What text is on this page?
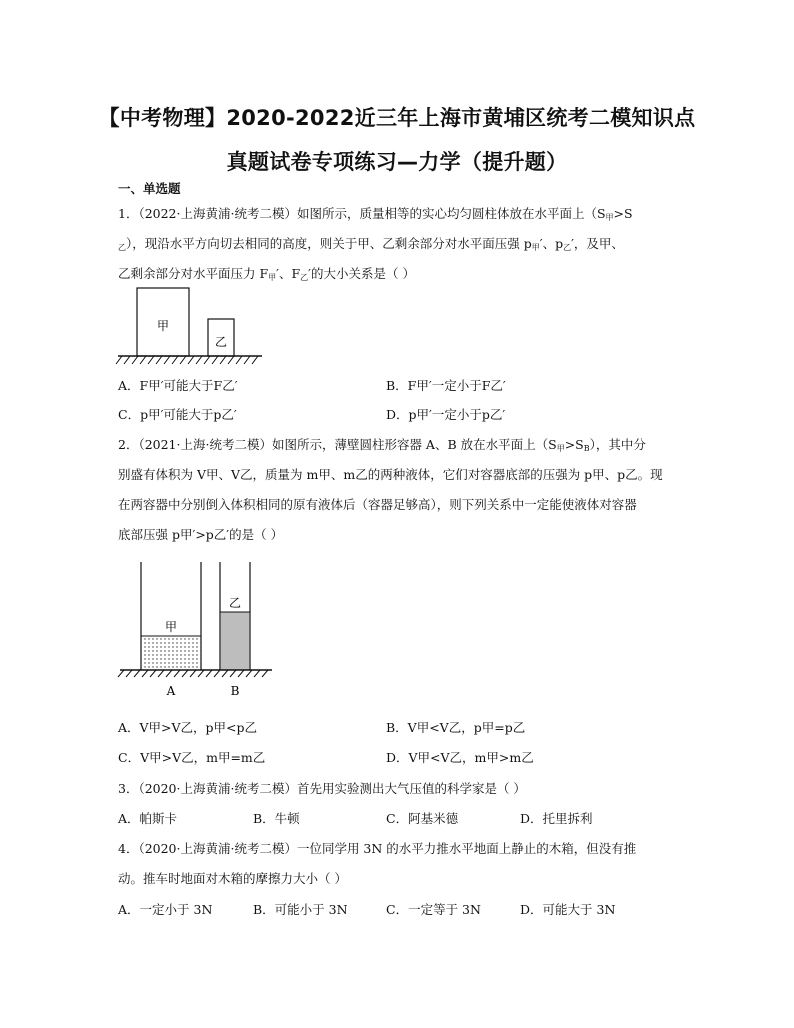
【中考物理】2020-2022近三年上海市黄埔区统考二模知识点
真题试卷专项练习—力学（提升题）
一、单选题
1．（2022·上海黄浦·统考二模）如图所示，质量相等的实心均匀圆柱体放在水平面上（$S_甲>S$
$_乙$），现沿水平方向切去相同的高度，则关于甲、乙剩余部分对水平面压强 $p_甲'$、$p_乙'$，及甲、
乙剩余部分对水平面压力 $F_甲'$、$F_乙'$的大小关系是（ ）
甲
乙
A．F甲′可能大于F乙′	B．F甲′一定小于F乙′
C．p甲′可能大于p乙′	D．p甲′一定小于p乙′
2．（2021·上海·统考二模）如图所示，薄壁圆柱形容器 A、B 放在水平面上$(S_甲>S_B)$，其中分
别盛有体积为 V甲、V乙，质量为 m甲、m乙的两种液体，它们对容器底部的压强为 p甲、p乙。现
在两容器中分别倒入体积相同的原有液体后（容器足够高），则下列关系中一定能使液体对容器
底部压强 p甲′>p乙′的是（ ）
甲
乙
A	B
A．V甲>V乙，p甲<p乙	B．V甲<V乙，p甲=p乙
C．V甲>V乙，m甲=m乙	D．V甲<V乙，m甲>m乙
3．（2020·上海黄浦·统考二模）首先用实验测出大气压值的科学家是（ ）
A．帕斯卡	B．牛顿	C．阿基米德	D．托里拆利
4．（2020·上海黄浦·统考二模）一位同学用 3N 的水平力推水平地面上静止的木箱，但没有推
动。推车时地面对木箱的摩擦力大小（ ）
A．一定小于 3N	B．可能小于 3N	C．一定等于 3N	D．可能大于 3N
